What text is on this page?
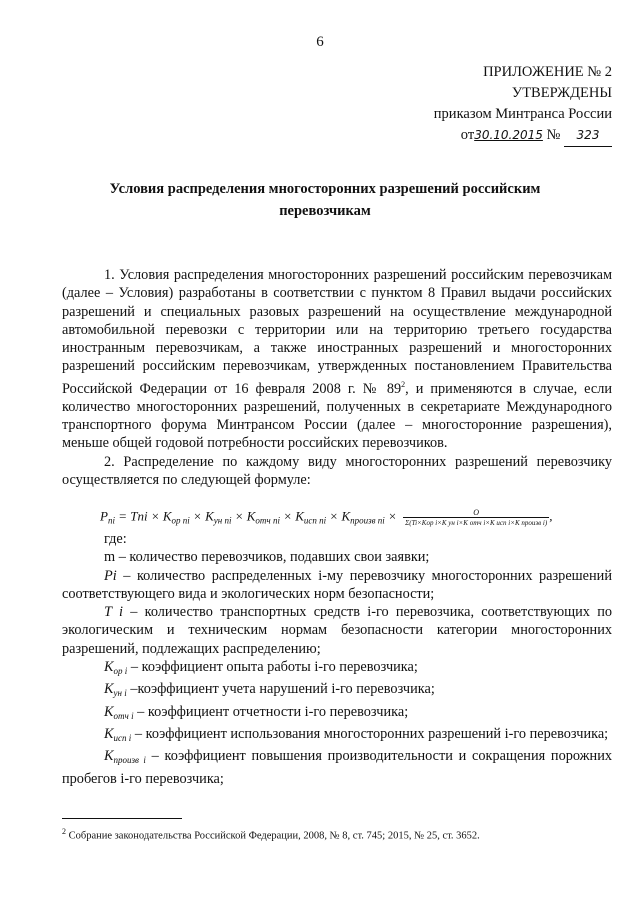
6
ПРИЛОЖЕНИЕ № 2
УТВЕРЖДЕНЫ
приказом Минтранса России
от30.10.2015 № 323
Условия распределения многосторонних разрешений российским перевозчикам

1. Условия распределения многосторонних разрешений российским перевозчикам (далее – Условия) разработаны в соответствии с пунктом 8 Правил выдачи российских разрешений и специальных разовых разрешений на осуществление международной автомобильной перевозки с территории или на территорию третьего государства иностранным перевозчикам, а также иностранных разрешений и многосторонних разрешений российским перевозчикам, утвержденных постановлением Правительства Российской Федерации от 16 февраля 2008 г. № $89^2$, и применяются в случае, если количество многосторонних разрешений, полученных в секретариате Международного транспортного форума Минтрансом России (далее – многосторонние разрешения), меньше общей годовой потребности российских перевозчиков.

2. Распределение по каждому виду многосторонних разрешений перевозчику осуществляется по следующей формуле:

$P_{ni}$ = Tni × $K_{op ni} \times K_{ун ni} \times K_{отч ni} \times K_{исп ni} \times K_{произв ni} \times \frac{O}{\text{Σ(Ti×Kop i×K ун i×K отч i×K исп i×K произв i)}}$ ,

где:

m – количество перевозчиков, подавших свои заявки;

Pi – количество распределенных i-му перевозчику многосторонних разрешений соответствующего вида и экологических норм безопасности;

T i – количество транспортных средств i-го перевозчика, соответствующих по экологическим и техническим нормам безопасности категории многосторонних разрешений, подлежащих распределению;

$K_{op i}$ – коэффициент опыта работы i-го перевозчика;

$K_{ун i}$ –коэффициент учета нарушений i-го перевозчика;

$K_{отч i}$ – коэффициент отчетности i-го перевозчика;

$K_{исп i}$ – коэффициент использования многосторонних разрешений i-го перевозчика;

$K_{произв i}$ – коэффициент повышения производительности и сокращения порожних пробегов i-го перевозчика;

$^2$ Собрание законодательства Российской Федерации, 2008, № 8, ст. 745; 2015, № 25, ст. 3652.
